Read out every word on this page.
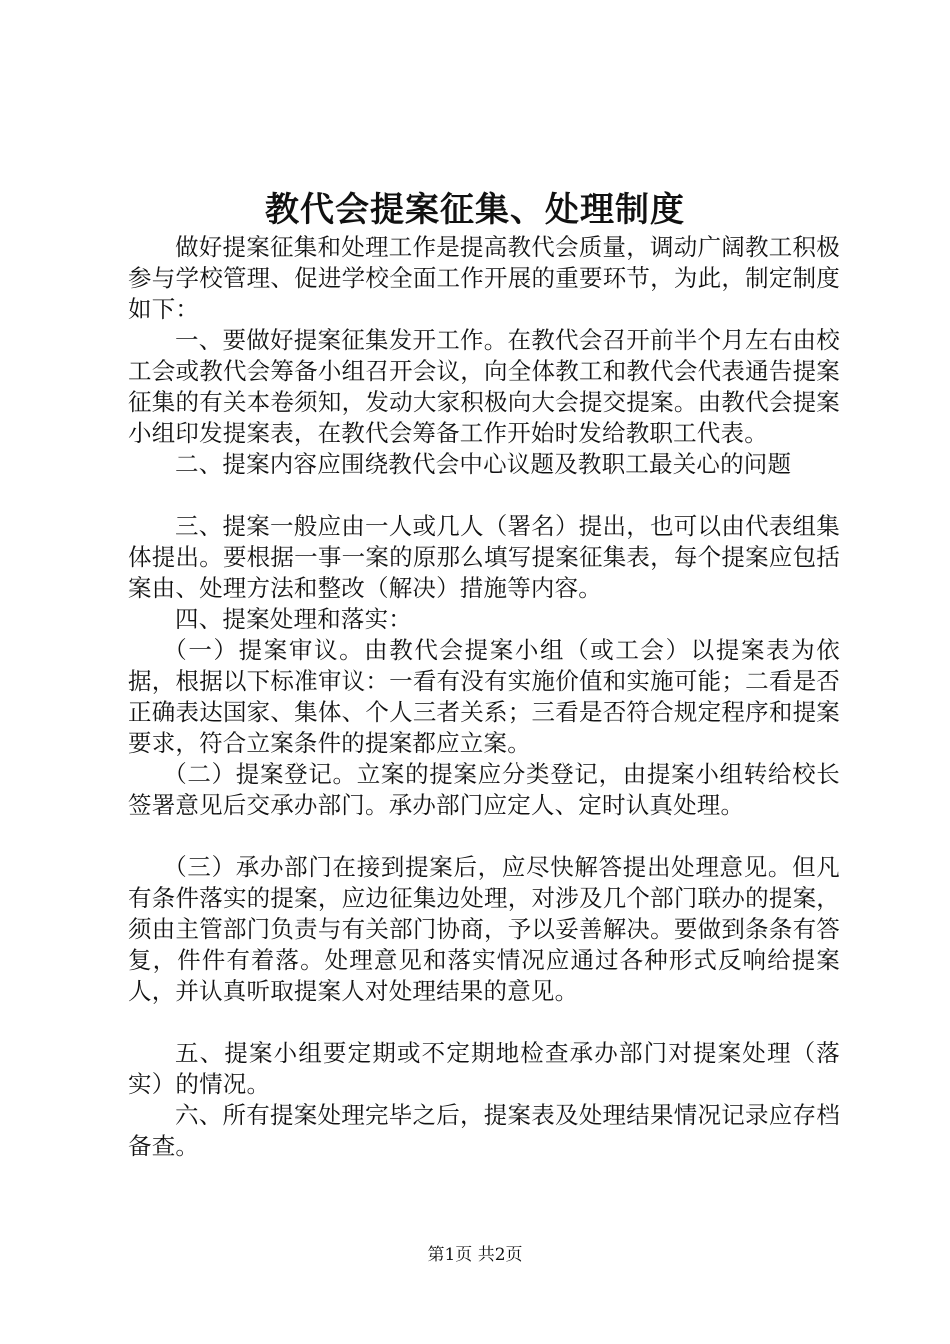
教代会提案征集、处理制度

做好提案征集和处理工作是提高教代会质量，调动广阔教工积极参与学校管理、促进学校全面工作开展的重要环节，为此，制定制度如下：

一、要做好提案征集发开工作。在教代会召开前半个月左右由校工会或教代会筹备小组召开会议，向全体教工和教代会代表通告提案征集的有关本卷须知，发动大家积极向大会提交提案。由教代会提案小组印发提案表，在教代会筹备工作开始时发给教职工代表。

二、提案内容应围绕教代会中心议题及教职工最关心的问题

三、提案一般应由一人或几人（署名）提出，也可以由代表组集体提出。要根据一事一案的原那么填写提案征集表，每个提案应包括案由、处理方法和整改（解决）措施等内容。

四、提案处理和落实：

（一）提案审议。由教代会提案小组（或工会）以提案表为依据，根据以下标准审议：一看有没有实施价值和实施可能；二看是否正确表达国家、集体、个人三者关系；三看是否符合规定程序和提案要求，符合立案条件的提案都应立案。

（二）提案登记。立案的提案应分类登记，由提案小组转给校长签署意见后交承办部门。承办部门应定人、定时认真处理。

（三）承办部门在接到提案后，应尽快解答提出处理意见。但凡有条件落实的提案，应边征集边处理，对涉及几个部门联办的提案，须由主管部门负责与有关部门协商，予以妥善解决。要做到条条有答复，件件有着落。处理意见和落实情况应通过各种形式反响给提案人，并认真听取提案人对处理结果的意见。

五、提案小组要定期或不定期地检查承办部门对提案处理（落实）的情况。

六、所有提案处理完毕之后，提案表及处理结果情况记录应存档备查。

第1页 共2页
